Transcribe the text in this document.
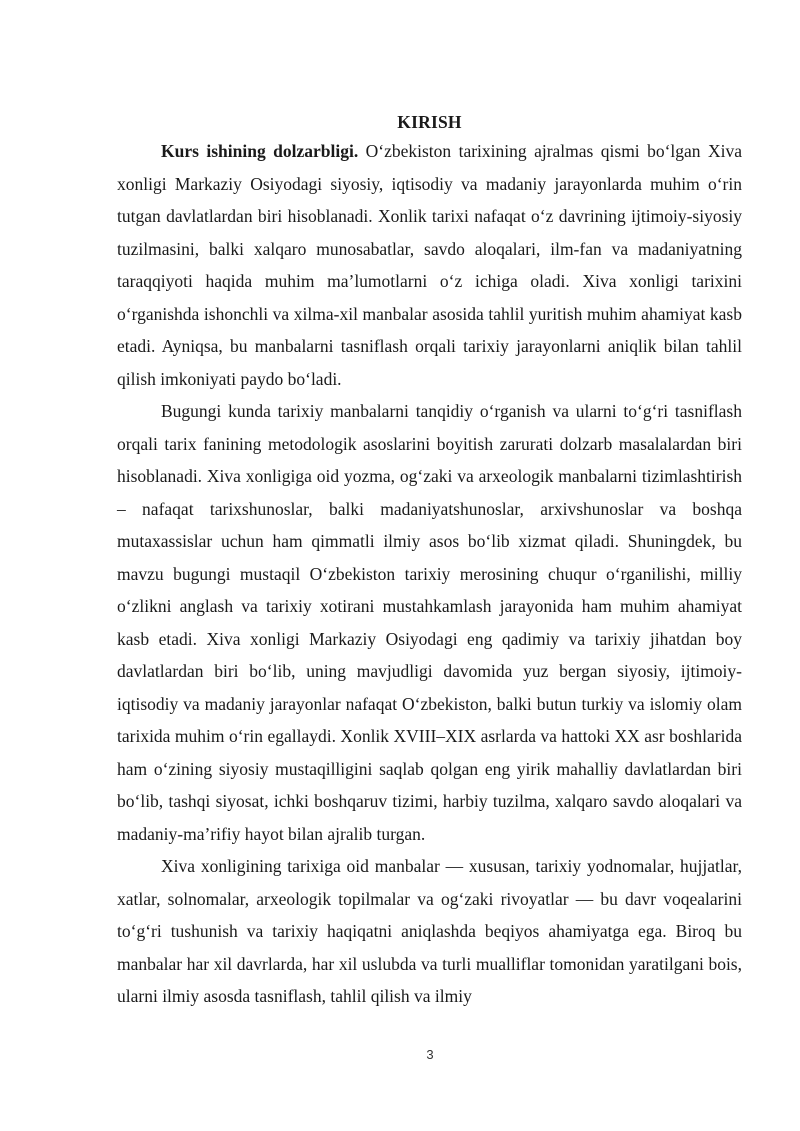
KIRISH

Kurs ishining dolzarbligi. O‘zbekiston tarixining ajralmas qismi bo‘lgan Xiva xonligi Markaziy Osiyodagi siyosiy, iqtisodiy va madaniy jarayonlarda muhim o‘rin tutgan davlatlardan biri hisoblanadi. Xonlik tarixi nafaqat o‘z davrining ijtimoiy-siyosiy tuzilmasini, balki xalqaro munosabatlar, savdo aloqalari, ilm-fan va madaniyatning taraqqiyoti haqida muhim ma’lumotlarni o‘z ichiga oladi. Xiva xonligi tarixini o‘rganishda ishonchli va xilma-xil manbalar asosida tahlil yuritish muhim ahamiyat kasb etadi. Ayniqsa, bu manbalarni tasniflash orqali tarixiy jarayonlarni aniqlik bilan tahlil qilish imkoniyati paydo bo‘ladi.

Bugungi kunda tarixiy manbalarni tanqidiy o‘rganish va ularni to‘g‘ri tasniflash orqali tarix fanining metodologik asoslarini boyitish zarurati dolzarb masalalardan biri hisoblanadi. Xiva xonligiga oid yozma, og‘zaki va arxeologik manbalarni tizimlashtirish – nafaqat tarixshunoslar, balki madaniyatshunoslar, arxivshunoslar va boshqa mutaxassislar uchun ham qimmatli ilmiy asos bo‘lib xizmat qiladi. Shuningdek, bu mavzu bugungi mustaqil O‘zbekiston tarixiy merosining chuqur o‘rganilishi, milliy o‘zlikni anglash va tarixiy xotirani mustahkamlash jarayonida ham muhim ahamiyat kasb etadi. Xiva xonligi Markaziy Osiyodagi eng qadimiy va tarixiy jihatdan boy davlatlardan biri bo‘lib, uning mavjudligi davomida yuz bergan siyosiy, ijtimoiy-iqtisodiy va madaniy jarayonlar nafaqat O‘zbekiston, balki butun turkiy va islomiy olam tarixida muhim o‘rin egallaydi. Xonlik XVIII–XIX asrlarda va hattoki XX asr boshlarida ham o‘zining siyosiy mustaqilligini saqlab qolgan eng yirik mahalliy davlatlardan biri bo‘lib, tashqi siyosat, ichki boshqaruv tizimi, harbiy tuzilma, xalqaro savdo aloqalari va madaniy-ma’rifiy hayot bilan ajralib turgan.

Xiva xonligining tarixiga oid manbalar — xususan, tarixiy yodnomalar, hujjatlar, xatlar, solnomalar, arxeologik topilmalar va og‘zaki rivoyatlar — bu davr voqealarini to‘g‘ri tushunish va tarixiy haqiqatni aniqlashda beqiyos ahamiyatga ega. Biroq bu manbalar har xil davrlarda, har xil uslubda va turli mualliflar tomonidan yaratilgani bois, ularni ilmiy asosda tasniflash, tahlil qilish va ilmiy

3
